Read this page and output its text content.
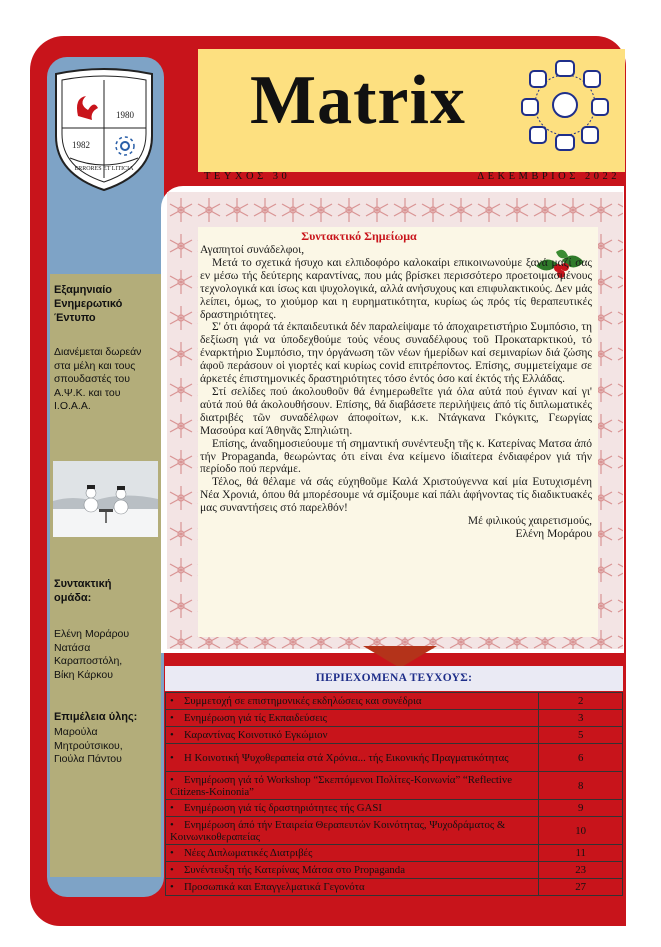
1980
1982
ERRORES ET LITICIA
Matrix
ΤΕΥΧΟΣ 30	ΔΕΚΕΜΒΡΙΟΣ 2022
Συντακτικό Σημείωμα

Αγαπητοί συνάδελφοι,

Μετά το σχετικά ήσυχο και ελπιδοφόρο καλοκαίρι επικοινωνούμε ξανά μαζί σας εν μέσω τής δεύτερης καραντίνας, που μάς βρίσκει περισσότερο προετοιμασμένους τεχνολογικά και ίσως και ψυχολογικά, αλλά ανήσυχους και επιφυλακτικούς. Δεν μάς λείπει, όμως, το χιούμορ και η ευρηματικότητα, κυρίως ώς πρός τίς θεραπευτικές δραστηριότητες.

Σ' ότι άφορά τά έκπαιδευτικά δέν παραλείψαμε τό άποχαιρετιστήριο Συμπόσιο, τη δεξίωση γιά να ύποδεχθούμε τούς νέους συναδέλφους τοῦ Προκαταρκτικού, τό έναρκτήριο Συμπόσιο, την όργάνωση τῶν νέων ήμερίδων καί σεμιναρίων διά ζώσης άφοῦ περάσουν οἱ γιορτές καί κυρίως covid επιτρέποντος. Επίσης, συμμετείχαμε σε άρκετές έπιστημονικές δραστηριότητες τόσο έντός όσο καί έκτός τής Ελλάδας.

Στί σελίδες πού άκολουθοῦν θά ένημερωθεῖτε γιά όλα αὐτά πού έγιναν καί γι' αὐτά πού θά άκολουθήσουν. Επίσης, θά διαβάσετε περιλήψεις άπό τίς διπλωματικές διατριβές τῶν συναδέλφων άποφοίτων, κ.κ. Ντάγκανα Γκόγκιτς, Γεωργίας Μασούρα καί Άθηνᾶς Σπηλιώτη.

Επίσης, άναδημοσιεύουμε τή σημαντική συνέντευξη τῆς κ. Κατερίνας Ματσα άπό τήν Propaganda, θεωρώντας ότι είναι ένα κείμενο ίδιαίτερα ένδιαφέρον γιά τήν περίοδο πού περνάμε.

Τέλος, θά θέλαμε νά σάς εύχηθοῦμε Καλά Χριστούγεννα καί μία Ευτυχισμένη Νέα Χρονιά, όπου θά μπορέσουμε νά σμίξουμε καί πάλι άφήνοντας τίς διαδικτυακές μας συναντήσεις στό παρελθόν!

Μέ φιλικούς χαιρετισμούς,

Ελένη Μοράρου

Εξαμηνιαίο
Ενημερωτικό
Έντυπο

Διανέμεται δωρεάν
στα μέλη και τους
σπουδαστές του
Α.Ψ.Κ. και του
Ι.Ο.Α.Α.

Συντακτική
ομάδα:

Ελένη Μοράρου
Νατάσα
Καραποστόλη,
Βίκη Κάρκου

Επιμέλεια ύλης:

Μαρούλα
Μητρούτσικου,
Γιούλα Πάντου

ΠΕΡΙΕΧΟΜΕΝΑ ΤΕΥΧΟΥΣ:
• Συμμετοχή σε επιστημονικές εκδηλώσεις και συνέδρια	2
• Ενημέρωση γιά τίς Εκπαιδεύσεις	3
• Καραντίνας Κοινοτικό Εγκώμιον	5
• Η Κοινοτική Ψυχοθεραπεία στά Χρόνια... τής Εικονικής Πραγματικότητας	6
• Ενημέρωση γιά τό Workshop “Σκεπτόμενοι Πολίτες-Κοινωνία” “Reflective Citizens-Koinonia”	8
• Ενημέρωση γιά τίς δραστηριότητες τής GASI	9
• Ενημέρωση άπό τήν Εταιρεία Θεραπευτών Κοινότητας, Ψυχοδράματος & Κοινωνικοθεραπείας	10
• Νέες Διπλωματικές Διατριβές	11
• Συνέντευξη τής Κατερίνας Μάτσα στο Propaganda	23
• Προσωπικά και Επαγγελματικά Γεγονότα	27
